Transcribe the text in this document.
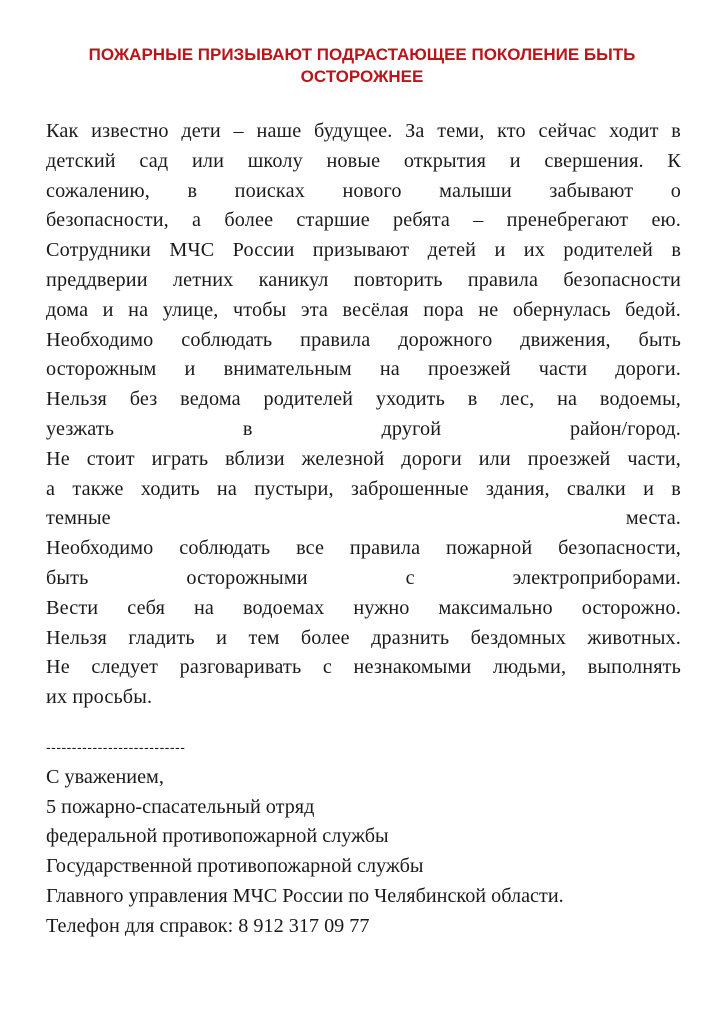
ПОЖАРНЫЕ ПРИЗЫВАЮТ ПОДРАСТАЮЩЕЕ ПОКОЛЕНИЕ БЫТЬ
ОСТОРОЖНЕЕ
Как известно дети – наше будущее. За теми, кто сейчас ходит в
детский сад или школу новые открытия и свершения. К
сожалению, в поисках нового малыши забывают о
безопасности, а более старшие ребята – пренебрегают ею.
Сотрудники МЧС России призывают детей и их родителей в
преддверии летних каникул повторить правила безопасности
дома и на улице, чтобы эта весёлая пора не обернулась бедой.
Необходимо соблюдать правила дорожного движения, быть
осторожным и внимательным на проезжей части дороги.
Нельзя без ведома родителей уходить в лес, на водоемы,
уезжать в другой район/город.
Не стоит играть вблизи железной дороги или проезжей части,
а также ходить на пустыри, заброшенные здания, свалки и в
темные места.
Необходимо соблюдать все правила пожарной безопасности,
быть осторожными с электроприборами.
Вести себя на водоемах нужно максимально осторожно.
Нельзя гладить и тем более дразнить бездомных животных.
Не следует разговаривать с незнакомыми людьми, выполнять
их просьбы.
---------------------------
С уважением,
5 пожарно-спасательный отряд
федеральной противопожарной службы
Государственной противопожарной службы
Главного управления МЧС России по Челябинской области.
Телефон для справок: 8 912 317 09 77
